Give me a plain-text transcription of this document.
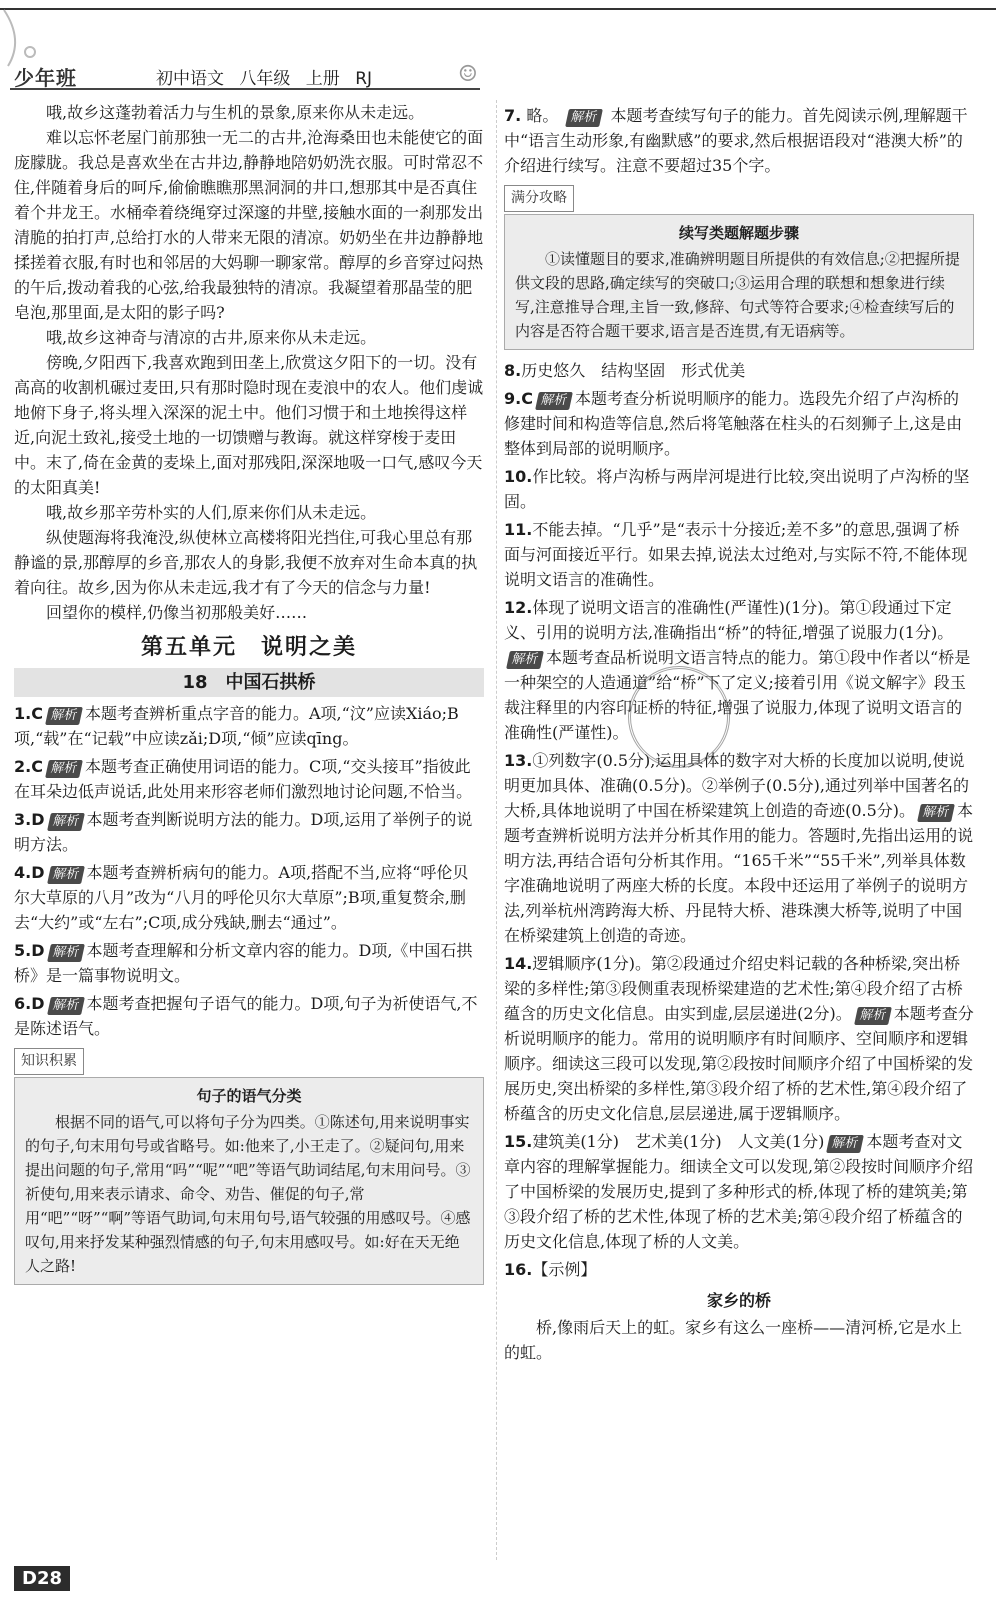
少年班	初中语文 八年级 上册 RJ	☺

哦,故乡这蓬勃着活力与生机的景象,原来你从未走远。

难以忘怀老屋门前那独一无二的古井,沧海桑田也未能使它的面庞朦胧。我总是喜欢坐在古井边,静静地陪奶奶洗衣服。可时常忍不住,伴随着身后的呵斥,偷偷瞧瞧那黑洞洞的井口,想那其中是否真住着个井龙王。水桶牵着绕绳穿过深邃的井壁,接触水面的一刹那发出清脆的拍打声,总给打水的人带来无限的清凉。奶奶坐在井边静静地揉搓着衣服,有时也和邻居的大妈聊一聊家常。醇厚的乡音穿过闷热的午后,拨动着我的心弦,给我最独特的清凉。我凝望着那晶莹的肥皂泡,那里面,是太阳的影子吗?

哦,故乡这神奇与清凉的古井,原来你从未走远。

傍晚,夕阳西下,我喜欢跑到田垄上,欣赏这夕阳下的一切。没有高高的收割机碾过麦田,只有那时隐时现在麦浪中的农人。他们虔诚地俯下身子,将头埋入深深的泥土中。他们习惯于和土地挨得这样近,向泥土致礼,接受土地的一切馈赠与教诲。就这样穿梭于麦田中。末了,倚在金黄的麦垛上,面对那残阳,深深地吸一口气,感叹今天的太阳真美!

哦,故乡那辛劳朴实的人们,原来你们从未走远。

纵使题海将我淹没,纵使林立高楼将阳光挡住,可我心里总有那静谧的景,那醇厚的乡音,那农人的身影,我便不放弃对生命本真的执着向往。故乡,因为你从未走远,我才有了今天的信念与力量!

回望你的模样,仍像当初那般美好……

第五单元　说明之美
18　中国石拱桥
1.C 解析 本题考查辨析重点字音的能力。A项,“汶”应读Xiáo;B项,“载”在“记载”中应读zǎi;D项,“倾”应读qīng。
2.C 解析 本题考查正确使用词语的能力。C项,“交头接耳”指彼此在耳朵边低声说话,此处用来形容老师们激烈地讨论问题,不恰当。
3.D 解析 本题考查判断说明方法的能力。D项,运用了举例子的说明方法。
4.D 解析 本题考查辨析病句的能力。A项,搭配不当,应将“呼伦贝尔大草原的八月”改为“八月的呼伦贝尔大草原”;B项,重复赘余,删去“大约”或“左右”;C项,成分残缺,删去“通过”。
5.D 解析 本题考查理解和分析文章内容的能力。D项,《中国石拱桥》是一篇事物说明文。
6.D 解析 本题考查把握句子语气的能力。D项,句子为祈使语气,不是陈述语气。
知识积累
句子的语气分类

根据不同的语气,可以将句子分为四类。①陈述句,用来说明事实的句子,句末用句号或省略号。如:他来了,小王走了。②疑问句,用来提出问题的句子,常用“吗”“呢”“吧”等语气助词结尾,句末用问号。③祈使句,用来表示请求、命令、劝告、催促的句子,常用“吧”“呀”“啊”等语气助词,句末用句号,语气较强的用感叹号。④感叹句,用来抒发某种强烈情感的句子,句末用感叹号。如:好在天无绝人之路!

7. 略。 解析 本题考查续写句子的能力。首先阅读示例,理解题干中“语言生动形象,有幽默感”的要求,然后根据语段对“港澳大桥”的介绍进行续写。注意不要超过35个字。
满分攻略
续写类题解题步骤

①读懂题目的要求,准确辨明题目所提供的有效信息;②把握所提供文段的思路,确定续写的突破口;③运用合理的联想和想象进行续写,注意推导合理,主旨一致,修辞、句式等符合要求;④检查续写后的内容是否符合题干要求,语言是否连贯,有无语病等。

8.历史悠久　结构坚固　形式优美
9.C 解析 本题考查分析说明顺序的能力。选段先介绍了卢沟桥的修建时间和构造等信息,然后将笔触落在柱头的石刻狮子上,这是由整体到局部的说明顺序。
10.作比较。将卢沟桥与两岸河堤进行比较,突出说明了卢沟桥的坚固。
11.不能去掉。“几乎”是“表示十分接近;差不多”的意思,强调了桥面与河面接近平行。如果去掉,说法太过绝对,与实际不符,不能体现说明文语言的准确性。
12.体现了说明文语言的准确性(严谨性)(1分)。第①段通过下定义、引用的说明方法,准确指出“桥”的特征,增强了说服力(1分)。解析 本题考查品析说明文语言特点的能力。第①段中作者以“桥是一种架空的人造通道”给“桥”下了定义;接着引用《说文解字》段玉裁注释里的内容印证桥的特征,增强了说服力,体现了说明文语言的准确性(严谨性)。
13.①列数字(0.5分),运用具体的数字对大桥的长度加以说明,使说明更加具体、准确(0.5分)。②举例子(0.5分),通过列举中国著名的大桥,具体地说明了中国在桥梁建筑上创造的奇迹(0.5分)。 解析 本题考查辨析说明方法并分析其作用的能力。答题时,先指出运用的说明方法,再结合语句分析其作用。“165千米”“55千米”,列举具体数字准确地说明了两座大桥的长度。本段中还运用了举例子的说明方法,列举杭州湾跨海大桥、丹昆特大桥、港珠澳大桥等,说明了中国在桥梁建筑上创造的奇迹。
14.逻辑顺序(1分)。第②段通过介绍史料记载的各种桥梁,突出桥梁的多样性;第③段侧重表现桥梁建造的艺术性;第④段介绍了古桥蕴含的历史文化信息。由实到虚,层层递进(2分)。 解析 本题考查分析说明顺序的能力。常用的说明顺序有时间顺序、空间顺序和逻辑顺序。细读这三段可以发现,第②段按时间顺序介绍了中国桥梁的发展历史,突出桥梁的多样性,第③段介绍了桥的艺术性,第④段介绍了桥蕴含的历史文化信息,层层递进,属于逻辑顺序。
15.建筑美(1分)　艺术美(1分)　人文美(1分) 解析 本题考查对文章内容的理解掌握能力。细读全文可以发现,第②段按时间顺序介绍了中国桥梁的发展历史,提到了多种形式的桥,体现了桥的建筑美;第③段介绍了桥的艺术性,体现了桥的艺术美;第④段介绍了桥蕴含的历史文化信息,体现了桥的人文美。
16.【示例】
家乡的桥

桥,像雨后天上的虹。家乡有这么一座桥——清河桥,它是水上的虹。

D28
